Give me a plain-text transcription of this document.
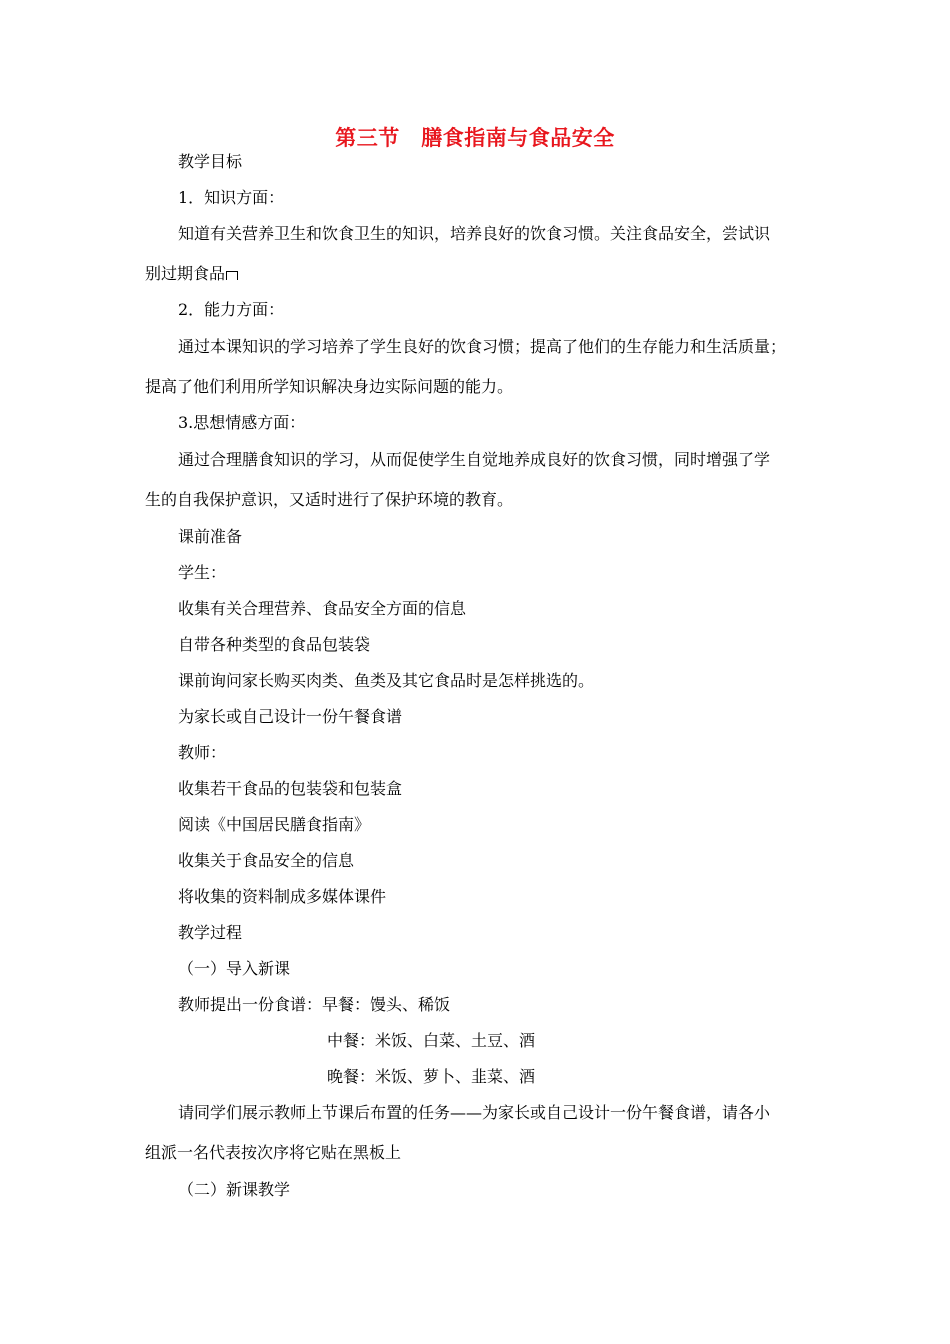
第三节　膳食指南与食品安全
教学目标
1．知识方面：
知道有关营养卫生和饮食卫生的知识，培养良好的饮食习惯。关注食品安全，尝试识
别过期食品
2．能力方面：
通过本课知识的学习培养了学生良好的饮食习惯；提高了他们的生存能力和生活质量；
提高了他们利用所学知识解决身边实际问题的能力。
3.思想情感方面：
通过合理膳食知识的学习，从而促使学生自觉地养成良好的饮食习惯，同时增强了学
生的自我保护意识，又适时进行了保护环境的教育。
课前准备
学生：
收集有关合理营养、食品安全方面的信息
自带各种类型的食品包装袋
课前询问家长购买肉类、鱼类及其它食品时是怎样挑选的。
为家长或自己设计一份午餐食谱
教师：
收集若干食品的包装袋和包装盒
阅读《中国居民膳食指南》
收集关于食品安全的信息
将收集的资料制成多媒体课件
教学过程
（一）导入新课
教师提出一份食谱：早餐：馒头、稀饭
中餐：米饭、白菜、土豆、酒
晚餐：米饭、萝卜、韭菜、酒
请同学们展示教师上节课后布置的任务——为家长或自己设计一份午餐食谱，请各小
组派一名代表按次序将它贴在黑板上
（二）新课教学
